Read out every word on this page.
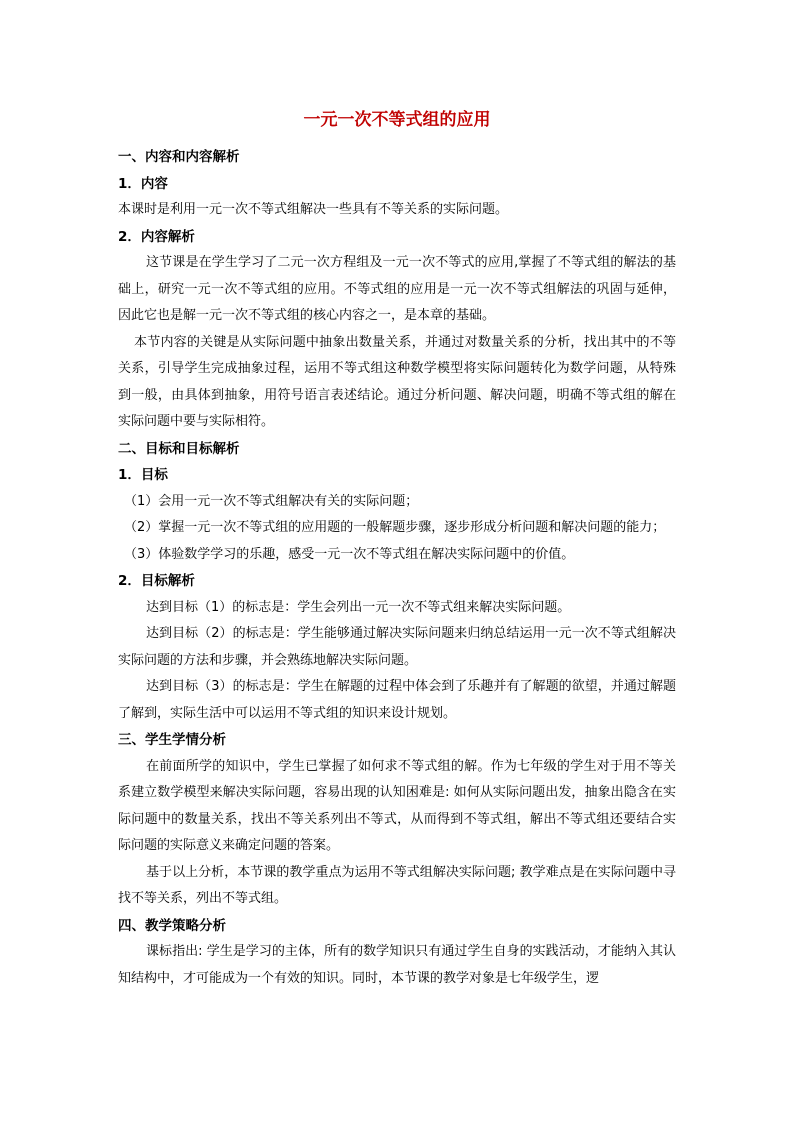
一元一次不等式组的应用
一、内容和内容解析
1．内容

本课时是利用一元一次不等式组解决一些具有不等关系的实际问题。

2．内容解析

这节课是在学生学习了二元一次方程组及一元一次不等式的应用,掌握了不等式组的解法的基础上，研究一元一次不等式组的应用。不等式组的应用是一元一次不等式组解法的巩固与延伸，因此它也是解一元一次不等式组的核心内容之一，是本章的基础。

本节内容的关键是从实际问题中抽象出数量关系，并通过对数量关系的分析，找出其中的不等关系，引导学生完成抽象过程，运用不等式组这种数学模型将实际问题转化为数学问题，从特殊到一般，由具体到抽象，用符号语言表述结论。通过分析问题、解决问题，明确不等式组的解在实际问题中要与实际相符。

二、目标和目标解析
1．目标

（1）会用一元一次不等式组解决有关的实际问题；

（2）掌握一元一次不等式组的应用题的一般解题步骤，逐步形成分析问题和解决问题的能力；

（3）体验数学学习的乐趣，感受一元一次不等式组在解决实际问题中的价值。

2．目标解析

达到目标（1）的标志是：学生会列出一元一次不等式组来解决实际问题。

达到目标（2）的标志是：学生能够通过解决实际问题来归纳总结运用一元一次不等式组解决实际问题的方法和步骤，并会熟练地解决实际问题。

达到目标（3）的标志是：学生在解题的过程中体会到了乐趣并有了解题的欲望，并通过解题了解到，实际生活中可以运用不等式组的知识来设计规划。

三、学生学情分析

在前面所学的知识中，学生已掌握了如何求不等式组的解。作为七年级的学生对于用不等关系建立数学模型来解决实际问题，容易出现的认知困难是: 如何从实际问题出发，抽象出隐含在实际问题中的数量关系，找出不等关系列出不等式，从而得到不等式组，解出不等式组还要结合实际问题的实际意义来确定问题的答案。

基于以上分析，本节课的教学重点为运用不等式组解决实际问题; 教学难点是在实际问题中寻找不等关系，列出不等式组。

四、教学策略分析

课标指出: 学生是学习的主体，所有的数学知识只有通过学生自身的实践活动，才能纳入其认知结构中，才可能成为一个有效的知识。同时，本节课的教学对象是七年级学生，逻
